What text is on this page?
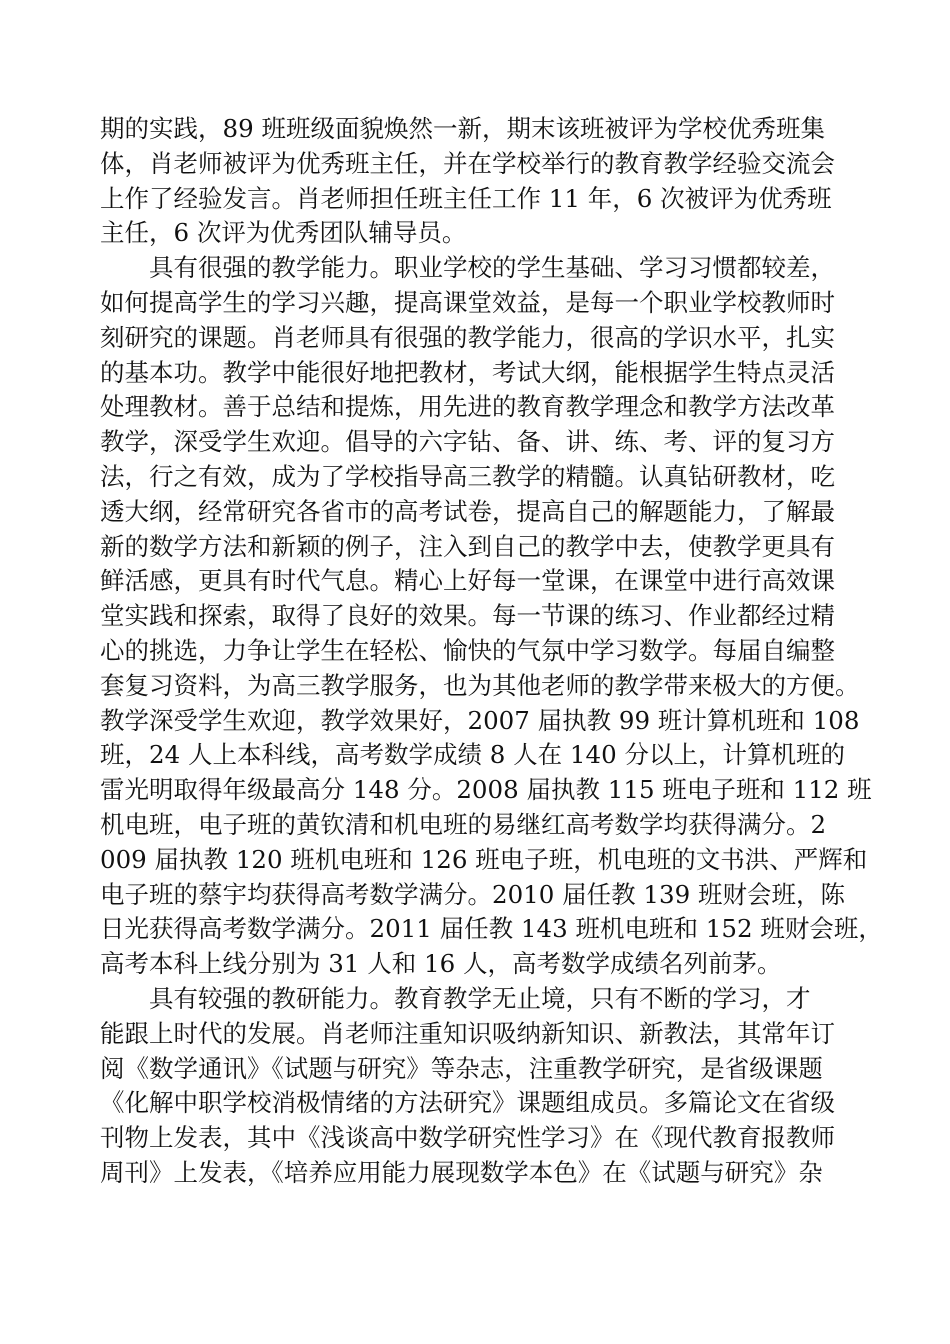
期的实践，89 班班级面貌焕然一新，期末该班被评为学校优秀班集
体，肖老师被评为优秀班主任，并在学校举行的教育教学经验交流会
上作了经验发言。肖老师担任班主任工作 11 年，6 次被评为优秀班
主任，6 次评为优秀团队辅导员。
　　具有很强的教学能力。职业学校的学生基础、学习习惯都较差，
如何提高学生的学习兴趣，提高课堂效益，是每一个职业学校教师时
刻研究的课题。肖老师具有很强的教学能力，很高的学识水平，扎实
的基本功。教学中能很好地把教材，考试大纲，能根据学生特点灵活
处理教材。善于总结和提炼，用先进的教育教学理念和教学方法改革
教学，深受学生欢迎。倡导的六字钻、备、讲、练、考、评的复习方
法，行之有效，成为了学校指导高三教学的精髓。认真钻研教材，吃
透大纲，经常研究各省市的高考试卷，提高自己的解题能力，了解最
新的数学方法和新颖的例子，注入到自己的教学中去，使教学更具有
鲜活感，更具有时代气息。精心上好每一堂课，在课堂中进行高效课
堂实践和探索，取得了良好的效果。每一节课的练习、作业都经过精
心的挑选，力争让学生在轻松、愉快的气氛中学习数学。每届自编整
套复习资料，为高三教学服务，也为其他老师的教学带来极大的方便。
教学深受学生欢迎，教学效果好，2007 届执教 99 班计算机班和 108
班，24 人上本科线，高考数学成绩 8 人在 140 分以上，计算机班的
雷光明取得年级最高分 148 分。2008 届执教 115 班电子班和 112 班
机电班，电子班的黄钦清和机电班的易继红高考数学均获得满分。2
009 届执教 120 班机电班和 126 班电子班，机电班的文书洪、严辉和
电子班的蔡宇均获得高考数学满分。2010 届任教 139 班财会班，陈
日光获得高考数学满分。2011 届任教 143 班机电班和 152 班财会班，
高考本科上线分别为 31 人和 16 人，高考数学成绩名列前茅。
　　具有较强的教研能力。教育教学无止境，只有不断的学习，才
能跟上时代的发展。肖老师注重知识吸纳新知识、新教法，其常年订
阅《数学通讯》《试题与研究》等杂志，注重教学研究，是省级课题
《化解中职学校消极情绪的方法研究》课题组成员。多篇论文在省级
刊物上发表，其中《浅谈高中数学研究性学习》在《现代教育报教师
周刊》上发表，《培养应用能力展现数学本色》在《试题与研究》杂
